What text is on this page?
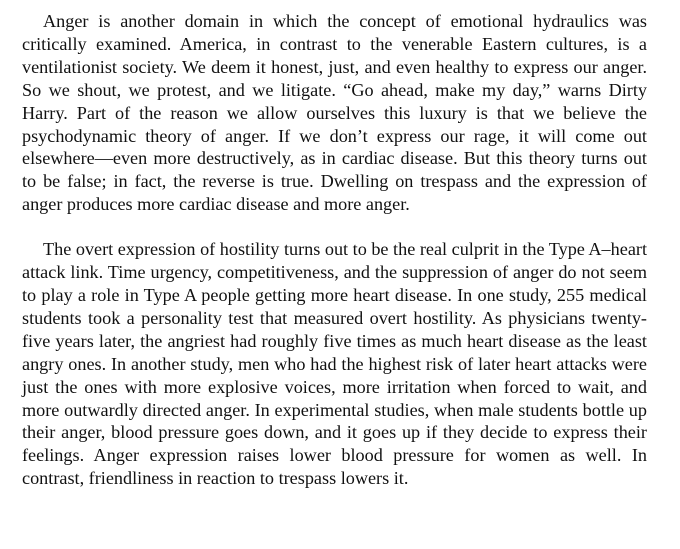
Anger is another domain in which the concept of emotional hydraulics was critically examined. America, in contrast to the venerable Eastern cultures, is a ventilationist society. We deem it honest, just, and even healthy to express our anger. So we shout, we protest, and we litigate. “Go ahead, make my day,” warns Dirty Harry. Part of the reason we allow ourselves this luxury is that we believe the psychodynamic theory of anger. If we don’t express our rage, it will come out elsewhere—even more destructively, as in cardiac disease. But this theory turns out to be false; in fact, the reverse is true. Dwelling on trespass and the expression of anger produces more cardiac disease and more anger.

The overt expression of hostility turns out to be the real culprit in the Type A–heart attack link. Time urgency, competitiveness, and the suppression of anger do not seem to play a role in Type A people getting more heart disease. In one study, 255 medical students took a personality test that measured overt hostility. As physicians twenty-five years later, the angriest had roughly five times as much heart disease as the least angry ones. In another study, men who had the highest risk of later heart attacks were just the ones with more explosive voices, more irritation when forced to wait, and more outwardly directed anger. In experimental studies, when male students bottle up their anger, blood pressure goes down, and it goes up if they decide to express their feelings. Anger expression raises lower blood pressure for women as well. In contrast, friendliness in reaction to trespass lowers it.
